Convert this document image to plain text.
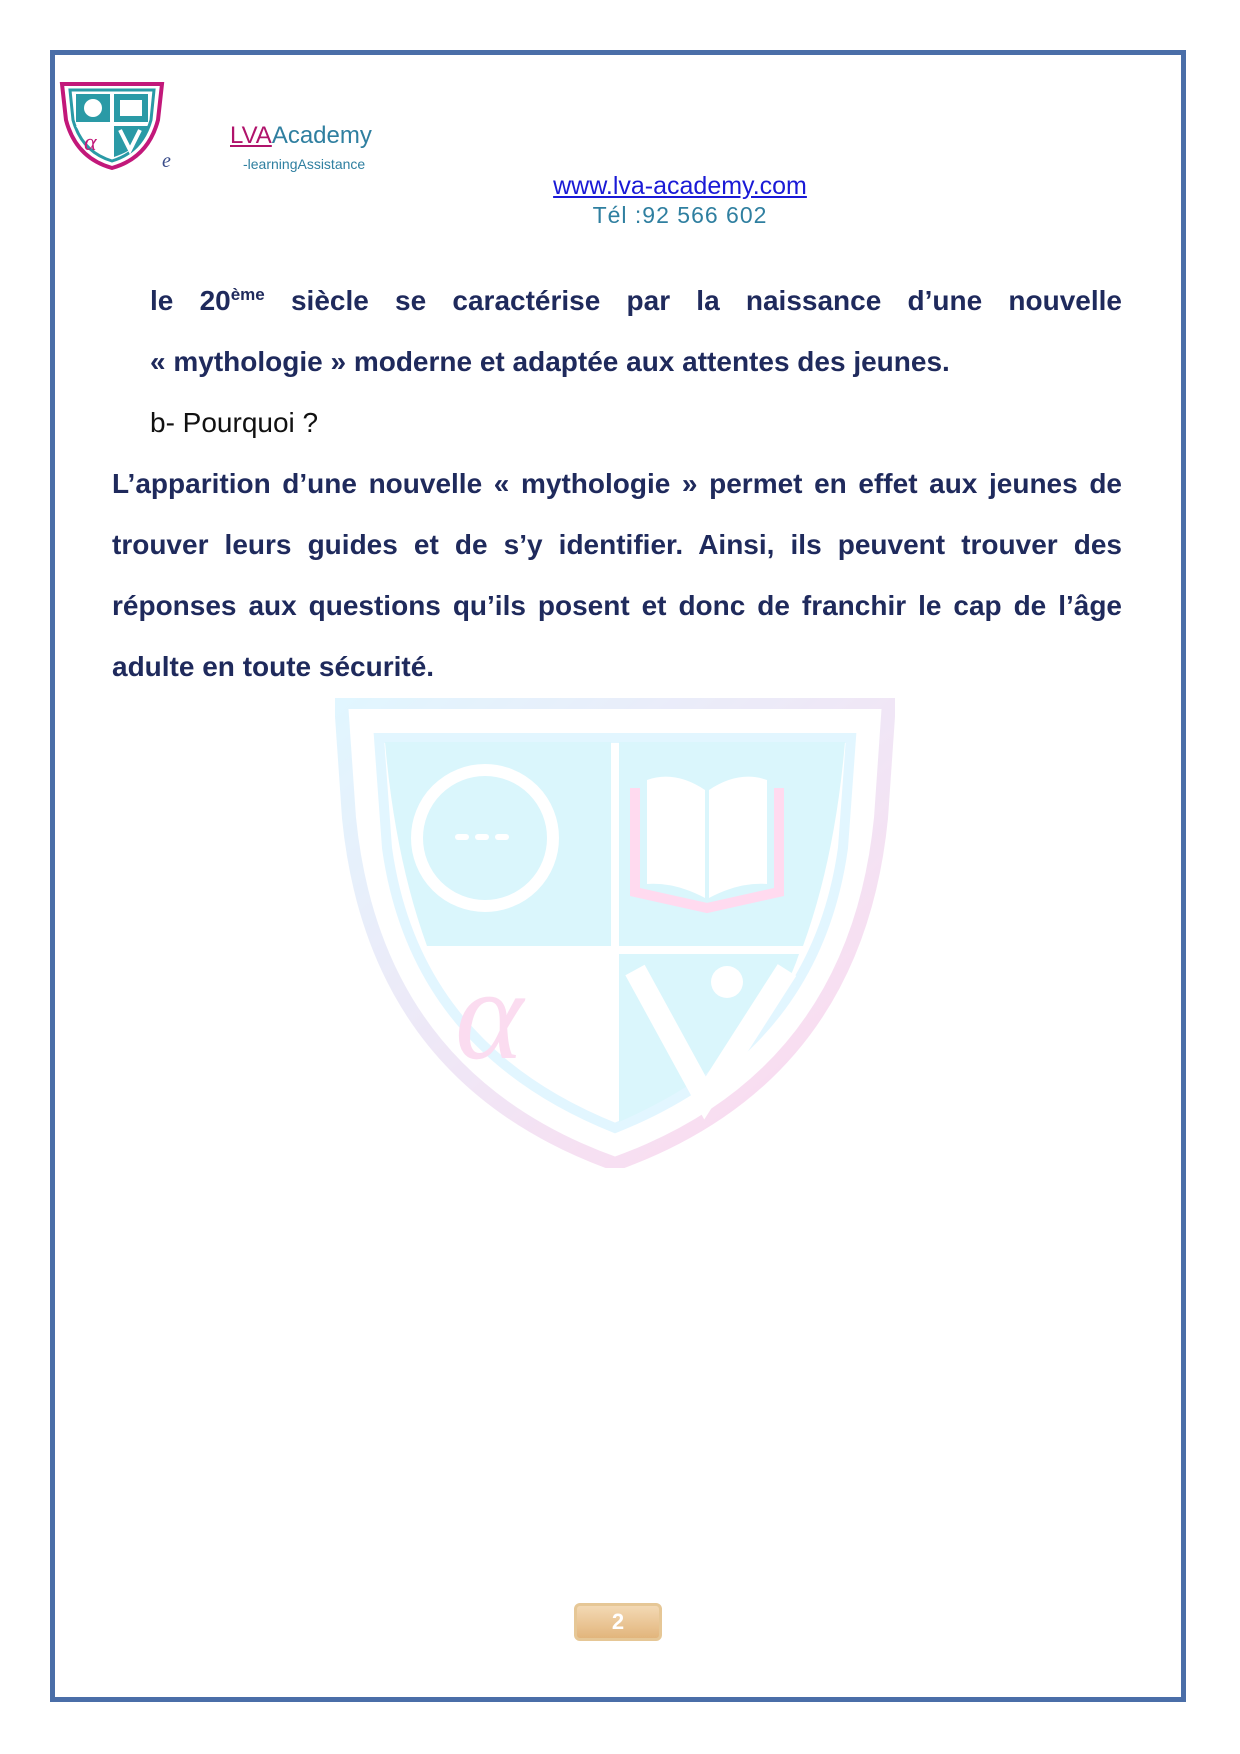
α
e
LVAAcademy
-learningAssistance
www.lva-academy.com
Tél :92 566 602
α
le 20ème siècle se caractérise par la naissance d’une nouvelle
« mythologie » moderne et adaptée aux attentes des jeunes.
b- Pourquoi ?
L’apparition d’une nouvelle « mythologie » permet en effet aux jeunes de
trouver leurs guides et de s’y identifier. Ainsi, ils peuvent trouver des
réponses aux questions qu’ils posent et donc de franchir le cap de l’âge
adulte en toute sécurité.
2
